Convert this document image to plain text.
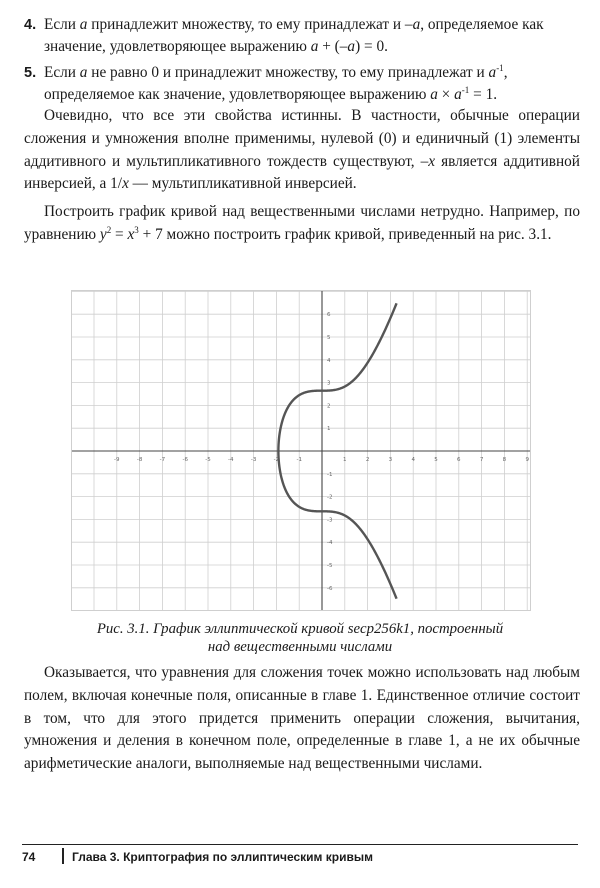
4. Если a принадлежит множеству, то ему принадлежат и –a, определяемое как значение, удовлетворяющее выражению a + (–a) = 0.
5. Если a не равно 0 и принадлежит множеству, то ему принадлежат и $a^{-1}$, определяемое как значение, удовлетворяющее выражению $a \times a^{-1} = 1$.

Очевидно, что все эти свойства истинны. В частности, обычные операции сложения и умножения вполне применимы, нулевой (0) и единичный (1) элементы аддитивного и мультипликативного тождеств существуют, –x является аддитивной инверсией, а 1/x — мультипликативной инверсией.

Построить график кривой над вещественными числами нетрудно. Например, по уравнению $y^2 = x^3 + 7$ можно построить график кривой, приведенный на рис. 3.1.

-9	-8	-7	-6	-5	-4	-3	-2	-1	1	2	3	4	5	6	7	8	9
-6
-5
-4
-3
-2
-1
1
2
3
4
5
6
Рис. 3.1. График эллиптической кривой secp256k1, построенный
над вещественными числами

Оказывается, что уравнения для сложения точек можно использовать над любым полем, включая конечные поля, описанные в главе 1. Единственное отличие состоит в том, что для этого придется применить операции сложения, вычитания, умножения и деления в конечном поле, определенные в главе 1, а не их обычные арифметические аналоги, выполняемые над вещественными числами.

74	Глава 3. Криптография по эллиптическим кривым
